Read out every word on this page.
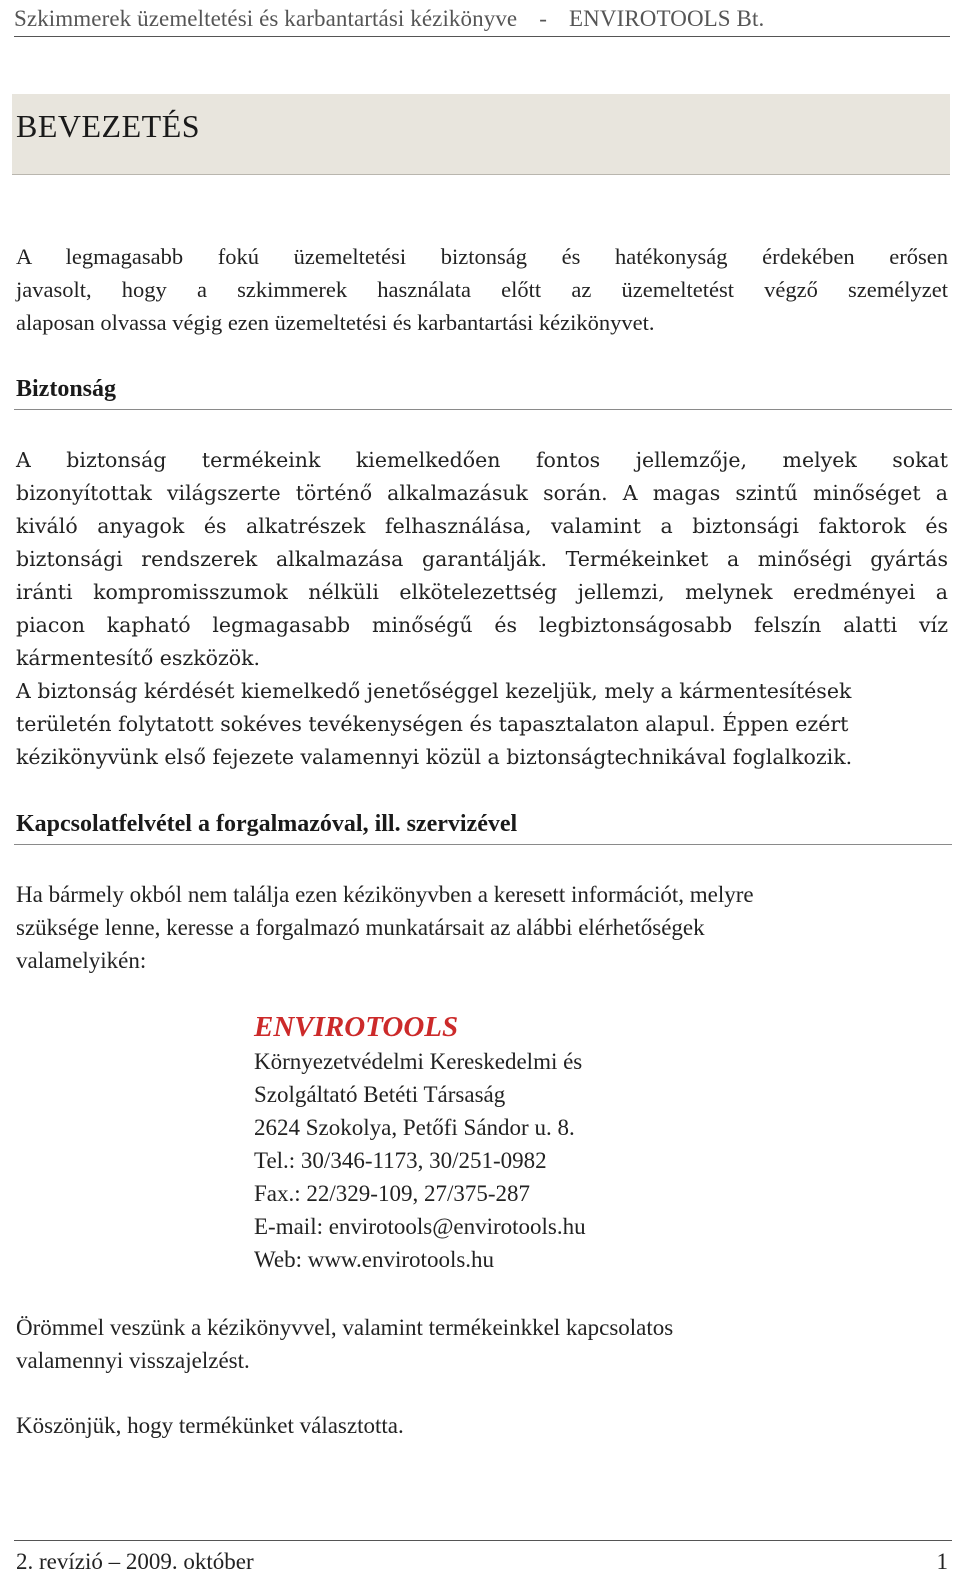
Szkimmerek üzemeltetési és karbantartási kézikönyve - ENVIROTOOLS Bt.
BEVEZETÉS
A legmagasabb fokú üzemeltetési biztonság és hatékonyság érdekében erősen
javasolt, hogy a szkimmerek használata előtt az üzemeltetést végző személyzet
alaposan olvassa végig ezen üzemeltetési és karbantartási kézikönyvet.
Biztonság
A biztonság termékeink kiemelkedően fontos jellemzője, melyek sokat
bizonyítottak világszerte történő alkalmazásuk során. A magas szintű minőséget a
kiváló anyagok és alkatrészek felhasználása, valamint a biztonsági faktorok és
biztonsági rendszerek alkalmazása garantálják. Termékeinket a minőségi gyártás
iránti kompromisszumok nélküli elkötelezettség jellemzi, melynek eredményei a
piacon kapható legmagasabb minőségű és legbiztonságosabb felszín alatti víz
kármentesítő eszközök.
A biztonság kérdését kiemelkedő jenetőséggel kezeljük, mely a kármentesítések
területén folytatott sokéves tevékenységen és tapasztalaton alapul. Éppen ezért
kézikönyvünk első fejezete valamennyi közül a biztonságtechnikával foglalkozik.
Kapcsolatfelvétel a forgalmazóval, ill. szervizével
Ha bármely okból nem találja ezen kézikönyvben a keresett információt, melyre
szüksége lenne, keresse a forgalmazó munkatársait az alábbi elérhetőségek
valamelyikén:

ENVIROTOOLS

Környezetvédelmi Kereskedelmi és

Szolgáltató Betéti Társaság

2624 Szokolya, Petőfi Sándor u. 8.

Tel.: 30/346-1173, 30/251-0982

Fax.: 22/329-109, 27/375-287

E-mail: envirotools@envirotools.hu

Web: www.envirotools.hu

Örömmel veszünk a kézikönyvvel, valamint termékeinkkel kapcsolatos
valamennyi visszajelzést.
Köszönjük, hogy termékünket választotta.
2. revízió – 2009. október	1
